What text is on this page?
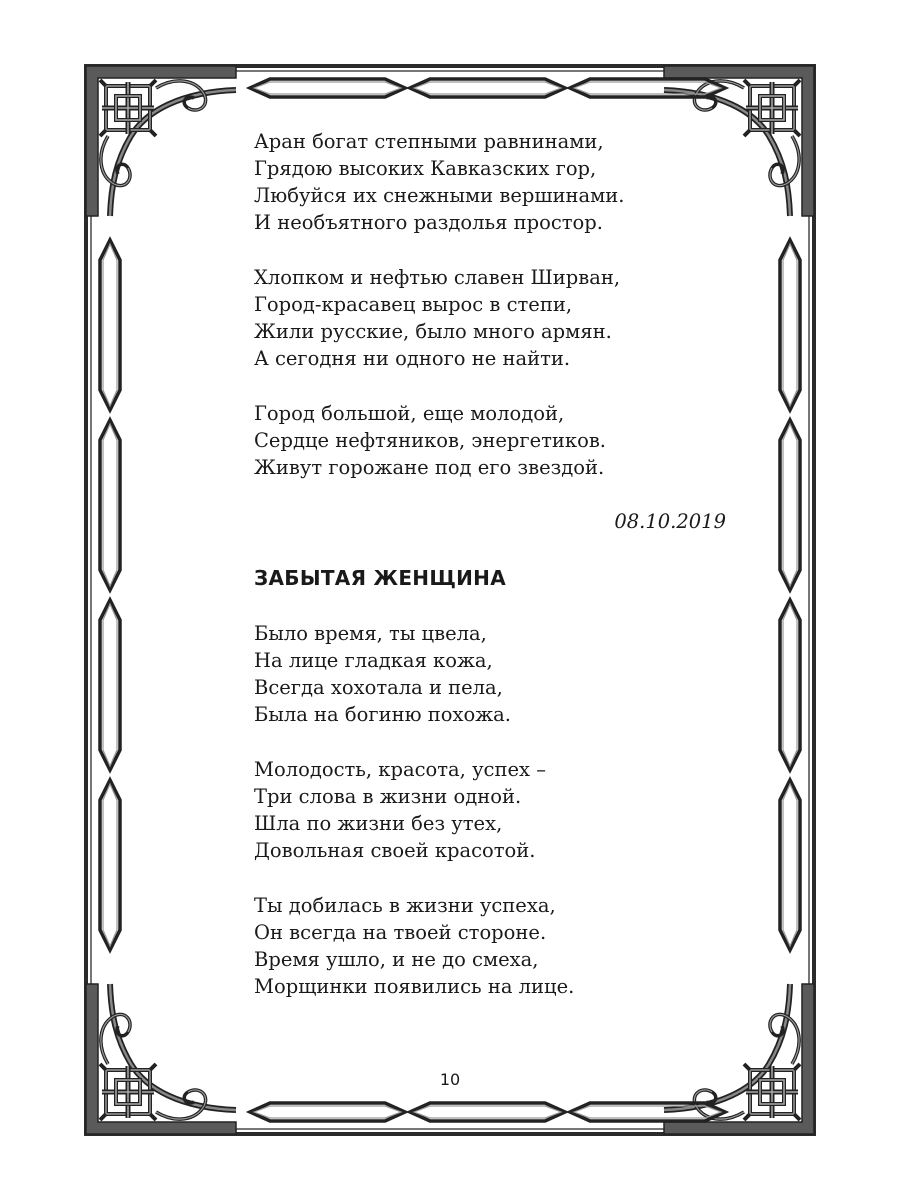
Аран богат степными равнинами,
Грядою высоких Кавказских гор,
Любуйся их снежными вершинами.
И необъятного раздолья простор.
Хлопком и нефтью славен Ширван,
Город-красавец вырос в степи,
Жили русские, было много армян.
А сегодня ни одного не найти.
Город большой, еще молодой,
Сердце нефтяников, энергетиков.
Живут горожане под его звездой.
08.10.2019
ЗАБЫТАЯ ЖЕНЩИНА
Было время, ты цвела,
На лице гладкая кожа,
Всегда хохотала и пела,
Была на богиню похожа.
Молодость, красота, успех –
Три слова в жизни одной.
Шла по жизни без утех,
Довольная своей красотой.
Ты добилась в жизни успеха,
Он всегда на твоей стороне.
Время ушло, и не до смеха,
Морщинки появились на лице.
10
